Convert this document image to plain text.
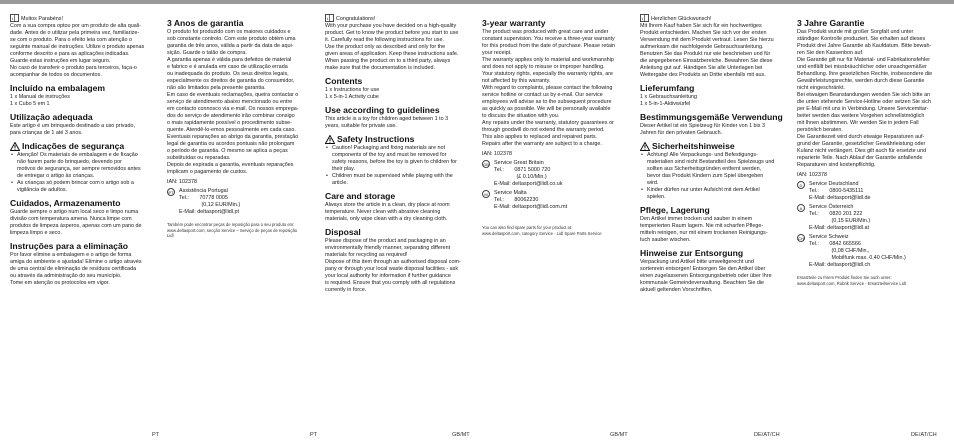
i Muitos Parabéns!

Com a sua compra optou por um produto de alta quali-

dade. Antes de o utilizar pela primeira vez, familiarize-

se com o produto. Para o efeito leia com atenção o

seguinte manual de instruções. Utilize o produto apenas

conforme descrito e para as aplicações indicadas.

Guarde estas instruções em lugar seguro.

No caso de transferir o produto para terceiros, faça-o

acompanhar de todos os documentos.

Incluído na embalagem

1 x Manual de instruções

1 x Cubo 5 em 1

Utilização adequada

Este artigo é um brinquedo destinado a uso privado,

para crianças de 1 até 3 anos.

Indicações de segurança

• Atenção! Os materiais de embalagem e de fixação

não fazem parte do brinquedo, devendo por

motivos de segurança, ser sempre removidos antes

de entregar o artigo às crianças.

• As crianças só podem brincar com o artigo sob a

vigilância de adultos.

Cuidados, Armazenamento

Guarde sempre o artigo num local seco e limpo numa

divisão com temperatura amena. Nunca limpe com

produtos de limpeza ásperos, apenas com um pano de

limpeza limpo e seco.

Instruções para a eliminação

Por favor elimine a embalagem e o artigo de forma

amiga do ambiente e ajustada! Elimine o artigo através

de uma central de eliminação de resíduos certificada

ou através da administração do seu município.

Tome em atenção os protocolos em vigor.

3 Anos de garantia

O produto foi produzido com os maiores cuidados e

sob constante controlo. Com este produto obtém uma

garantia de três anos, válida a partir da data de aqui-

sição. Guarde o talão de compra.

A garantia apenas é válida para defeitos de material

e fabrico e é anulada em caso de utilização errada

ou inadequada do produto. Os seus direitos legais,

especialmente os direitos de garantia do consumidor,

não são limitados pela presente garantia.

Em caso de eventuais reclamações, queira contactar o

serviço de atendimento abaixo mencionado ou entre

em contacto connosco via e-mail. Os nossos emprega-

dos do serviço de atendimento irão combinar consigo

o mais rapidamente possível o procedimento subse-

quente. Atendê-lo-emos pessoalmente em cada caso.

Eventuais reparações ao abrigo da garantia, prestação

legal de garantia ou acordos pontuais não prolongam

o período de garantia. O mesmo se aplica a peças

substituídas ou reparadas.

Depois de expirada a garantia, eventuais reparações

implicam o pagamento de custos.

IAN: 102378

PT Assistência Portugal

Tel.:       70778 0005

(0,12 EUR/Min.)

E-Mail: deltasport@lidl.pt

Também pode encontrar peças de reposição para o seu produto em:

www.deltasport.com, secção Service – Serviço de peças de reposição

Lidl

i Congratulations!

With your purchase you have decided on a high-quality

product. Get to know the product before you start to use

it. Carefully read the following instructions for use.

Use the product only as described and only for the

given areas of application. Keep these instructions safe.

When passing the product on to a third party, always

make sure that the documentation is included.

Contents

1 x Instructions for use

1 x 5-in-1 Activity cube

Use according to guidelines

This article is a toy for children aged between 1 to 3

years, suitable for private use.

Safety Instructions

• Caution! Packaging and fixing materials are not

components of the toy and must be removed for

safety reasons, before the toy is given to children for

their play.

• Children must be supervised while playing with the

article.

Care and storage

Always store the article in a clean, dry place at room

temperature. Never clean with abrasive cleaning

materials, only wipe clean with a dry cleaning cloth.

Disposal

Please dispose of the product and packaging in an

environmentally friendly manner, separating different

materials for recycling as required!

Dispose of this item through an authorised disposal com-

pany or through your local waste disposal facilities - ask

your local authority for information if further guidance

is required. Ensure that you comply with all regulations

currently in force.

3-year warranty

The product was produced with great care and under

constant supervision. You receive a three-year warranty

for this product from the date of purchase. Please retain

your receipt.

The warranty applies only to material and workmanship

and does not apply to misuse or improper handling.

Your statutory rights, especially the warranty rights, are

not affected by this warranty.

With regard to complaints, please contact the following

service hotline or contact us by e-mail. Our service

employees will advise as to the subsequent procedure

as quickly as possible. We will be personally available

to discuss the situation with you.

Any repairs under the warranty, statutory guarantees or

through goodwill do not extend the warranty period.

This also applies to replaced and repaired parts.

Repairs after the warranty are subject to a charge.

IAN: 102378

GB Service Great Britain

Tel.:       0871 5000 720

(£ 0.10/Min.)

E-Mail: deltasport@lidl.co.uk

M	Service Malta

Tel.:       80062230

E-Mail: deltasport@lidl.com.mt

You can also find spare parts for your product at:

www.deltasport.com, category Service - Lidl Spare Parts Service

i Herzlichen Glückwunsch!

Mit Ihrem Kauf haben Sie sich für ein hochwertiges

Produkt entschieden. Machen Sie sich vor der ersten

Verwendung mit dem Produkt vertraut. Lesen Sie hierzu

aufmerksam die nachfolgende Gebrauchsanleitung.

Benutzen Sie das Produkt nur wie beschrieben und für

die angegebenen Einsatzbereiche. Bewahren Sie diese

Anleitung gut auf. Händigen Sie alle Unterlagen bei

Weitergabe des Produkts an Dritte ebenfalls mit aus.

Lieferumfang

1 x Gebrauchsanleitung

1 x 5-in-1-Aktivwürfel

Bestimmungsgemäße Verwendung

Dieser Artikel ist ein Spielzeug für Kinder von 1 bis 3

Jahren für den privaten Gebrauch.

Sicherheitshinweise

• Achtung! Alle Verpackungs- und Befestigungs-

materialien sind nicht Bestandteil des Spielzeugs und

sollten aus Sicherheitsgründen entfernt werden,

bevor das Produkt Kindern zum Spiel übergeben

wird.

• Kinder dürfen nur unter Aufsicht mit dem Artikel

spielen.

Pflege, Lagerung

Den Artikel immer trocken und sauber in einem

temperierten Raum lagern. Nie mit scharfen Pflege-

mitteln reinigen, nur mit einem trockenen Reinigungs-

tuch sauber wischen.

Hinweise zur Entsorgung

Verpackung und Artikel bitte umweltgerecht und

sortenrein entsorgen! Entsorgen Sie den Artikel über

einen zugelassenen Entsorgungsbetrieb oder über Ihre

kommunale Gemeindeverwaltung. Beachten Sie die

aktuell geltenden Vorschriften.

3 Jahre Garantie

Das Produkt wurde mit großer Sorgfalt und unter

ständiger Kontrolle produziert. Sie erhalten auf dieses

Produkt drei Jahre Garantie ab Kaufdatum. Bitte bewah-

ren Sie den Kassenbon auf.

Die Garantie gilt nur für Material- und Fabrikationsfehler

und entfällt bei missbräuchlicher oder unsachgemäßer

Behandlung. Ihre gesetzlichen Rechte, insbesondere die

Gewährleistungsrechte, werden durch diese Garantie

nicht eingeschränkt.

Bei etwaigen Beanstandungen wenden Sie sich bitte an

die unten stehende Service-Hotline oder setzen Sie sich

per E-Mail mit uns in Verbindung. Unsere Servicemitar-

beiter werden das weitere Vorgehen schnellstmöglich

mit Ihnen abstimmen. Wir werden Sie in jedem Fall

persönlich beraten.

Die Garantiezeit wird durch etwaige Reparaturen auf-

grund der Garantie, gesetzlicher Gewährleistung oder

Kulanz nicht verlängert. Dies gilt auch für ersetzte und

reparierte Teile. Nach Ablauf der Garantie anfallende

Reparaturen sind kostenpflichtig.

IAN: 102378

D	Service Deutschland

Tel.:       0800-5435111

E-Mail: deltasport@lidl.de

A	Service Österreich

Tel.:       0820 201 222

(0,15 EUR/Min.)

E-Mail: deltasport@lidl.at

CH Service Schweiz

Tel.:       0842 665566

(0,08 CHF/Min.,

Mobilfunk max. 0,40 CHF/Min.)

E-Mail: deltasport@lidl.ch

Ersatzteile zu Ihrem Produkt finden Sie auch unter:

www.deltasport.com, Rubrik Service - Ersatzteilservice Lidl

PT	PT	GB/MT	GB/MT	DE/AT/CH	DE/AT/CH
